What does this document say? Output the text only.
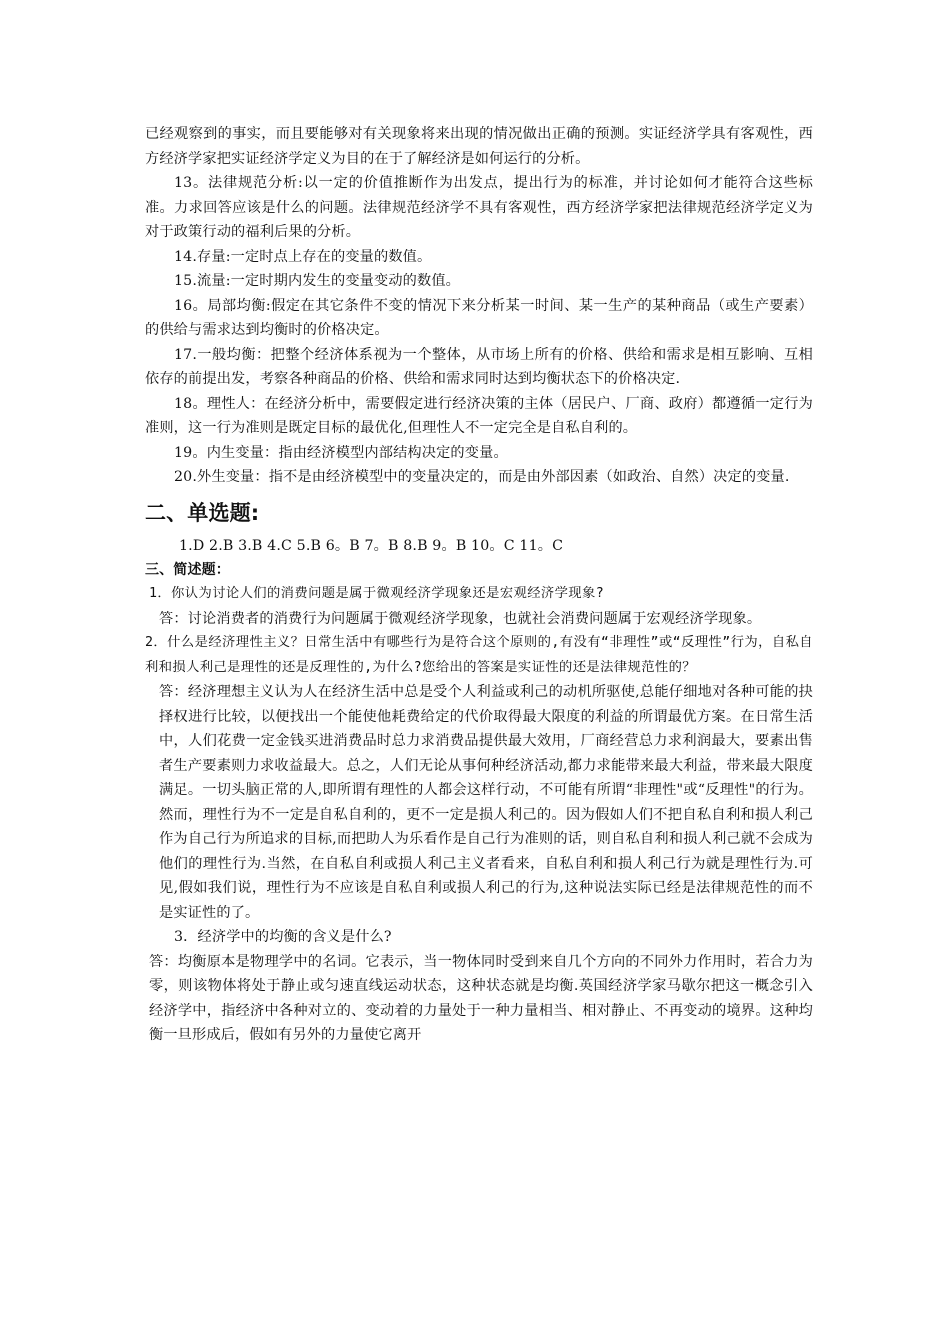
已经观察到的事实，而且要能够对有关现象将来出现的情况做出正确的预测。实证经济学具有客观性，西方经济学家把实证经济学定义为目的在于了解经济是如何运行的分析。

13。法律规范分析:以一定的价值推断作为出发点，提出行为的标准，并讨论如何才能符合这些标准。力求回答应该是什么的问题。法律规范经济学不具有客观性，西方经济学家把法律规范经济学定义为对于政策行动的福利后果的分析。

14.存量:一定时点上存在的变量的数值。

15.流量:一定时期内发生的变量变动的数值。

16。局部均衡:假定在其它条件不变的情况下来分析某一时间、某一生产的某种商品（或生产要素）的供给与需求达到均衡时的价格决定。

17.一般均衡：把整个经济体系视为一个整体，从市场上所有的价格、供给和需求是相互影响、互相依存的前提出发，考察各种商品的价格、供给和需求同时达到均衡状态下的价格决定.

18。理性人：在经济分析中，需要假定进行经济决策的主体（居民户、厂商、政府）都遵循一定行为准则，这一行为准则是既定目标的最优化,但理性人不一定完全是自私自利的。

19。内生变量：指由经济模型内部结构决定的变量。

20.外生变量：指不是由经济模型中的变量决定的，而是由外部因素（如政治、自然）决定的变量.

二、单选题:

1.D 2.B 3.B 4.C 5.B 6。B 7。B 8.B 9。B 10。C 11。C

三、简述题：

1．你认为讨论人们的消费问题是属于微观经济学现象还是宏观经济学现象?

答：讨论消费者的消费行为问题属于微观经济学现象，也就社会消费问题属于宏观经济学现象。

2．什么是经济理性主义？日常生活中有哪些行为是符合这个原则的,有没有“非理性”或“反理性”行为，自私自利和损人利己是理性的还是反理性的,为什么?您给出的答案是实证性的还是法律规范性的？

答：经济理想主义认为人在经济生活中总是受个人利益或利己的动机所驱使,总能仔细地对各种可能的抉择权进行比较，以便找出一个能使他耗费给定的代价取得最大限度的利益的所谓最优方案。在日常生活中，人们花费一定金钱买进消费品时总力求消费品提供最大效用，厂商经营总力求利润最大，要素出售者生产要素则力求收益最大。总之，人们无论从事何种经济活动,都力求能带来最大利益，带来最大限度满足。一切头脑正常的人,即所谓有理性的人都会这样行动，不可能有所谓“非理性"或“反理性"的行为。然而，理性行为不一定是自私自利的，更不一定是损人利己的。因为假如人们不把自私自利和损人利己作为自己行为所追求的目标,而把助人为乐看作是自己行为准则的话，则自私自利和损人利己就不会成为他们的理性行为.当然，在自私自利或损人利己主义者看来，自私自利和损人利己行为就是理性行为.可见,假如我们说，理性行为不应该是自私自利或损人利己的行为,这种说法实际已经是法律规范性的而不是实证性的了。

3．经济学中的均衡的含义是什么?

答：均衡原本是物理学中的名词。它表示，当一物体同时受到来自几个方向的不同外力作用时，若合力为零，则该物体将处于静止或匀速直线运动状态，这种状态就是均衡.英国经济学家马歇尔把这一概念引入经济学中，指经济中各种对立的、变动着的力量处于一种力量相当、相对静止、不再变动的境界。这种均衡一旦形成后，假如有另外的力量使它离开
